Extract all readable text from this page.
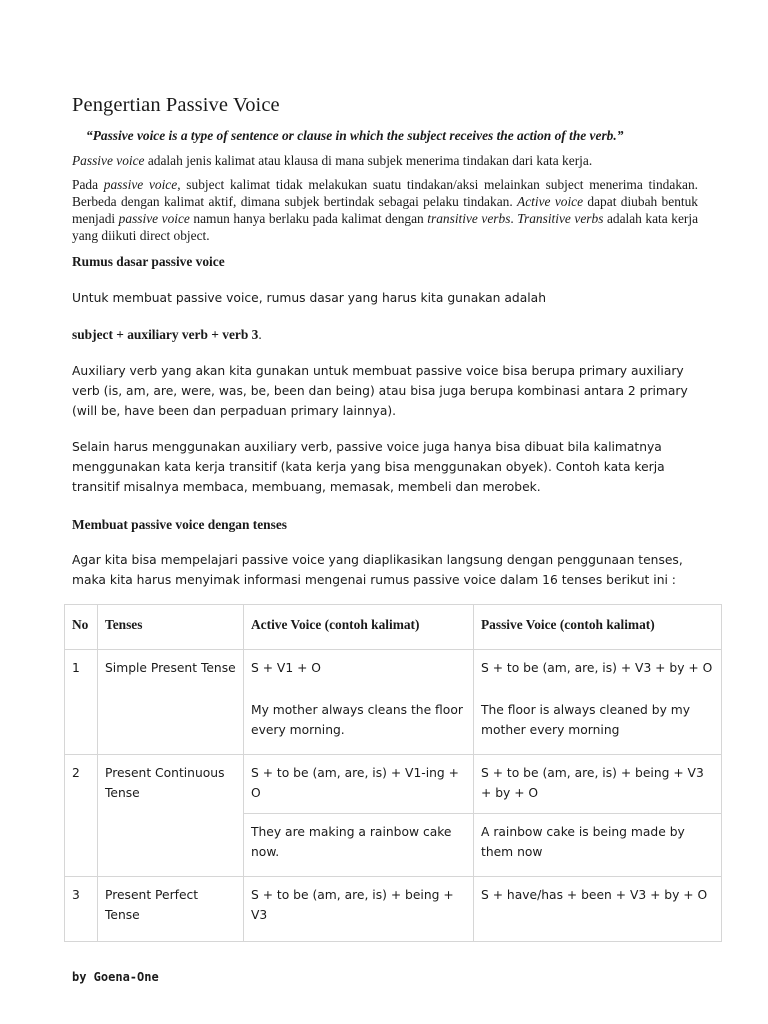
Pengertian Passive Voice
“Passive voice is a type of sentence or clause in which the subject receives the action of the verb.”

Passive voice adalah jenis kalimat atau klausa di mana subjek menerima tindakan dari kata kerja.

Pada passive voice, subject kalimat tidak melakukan suatu tindakan/aksi melainkan subject menerima tindakan. Berbeda dengan kalimat aktif, dimana subjek bertindak sebagai pelaku tindakan. Active voice dapat diubah bentuk menjadi passive voice namun hanya berlaku pada kalimat dengan transitive verbs. Transitive verbs adalah kata kerja yang diikuti direct object.

Rumus dasar passive voice

Untuk membuat passive voice, rumus dasar yang harus kita gunakan adalah

subject + auxiliary verb + verb 3.

Auxiliary verb yang akan kita gunakan untuk membuat passive voice bisa berupa primary auxiliary verb (is, am, are, were, was, be, been dan being) atau bisa juga berupa kombinasi antara 2 primary (will be, have been dan perpaduan primary lainnya).

Selain harus menggunakan auxiliary verb, passive voice juga hanya bisa dibuat bila kalimatnya menggunakan kata kerja transitif (kata kerja yang bisa menggunakan obyek). Contoh kata kerja transitif misalnya membaca, membuang, memasak, membeli dan merobek.

Membuat passive voice dengan tenses

Agar kita bisa mempelajari passive voice yang diaplikasikan langsung dengan penggunaan tenses, maka kita harus menyimak informasi mengenai rumus passive voice dalam 16 tenses berikut ini :

No	Tenses	Active Voice (contoh kalimat)	Passive Voice (contoh kalimat)
1	Simple Present Tense	S + V1 + O	S + to be (am, are, is) + V3 + by + O
		My mother always cleans the floor every morning.	The floor is always cleaned by my mother every morning
2	Present Continuous Tense	S + to be (am, are, is) + V1-ing + O	S + to be (am, are, is) + being + V3 + by + O
		They are making a rainbow cake now.	A rainbow cake is being made by them now
3	Present Perfect Tense	S + to be (am, are, is) + being + V3	S + have/has + been + V3 + by + O
by Goena-One
